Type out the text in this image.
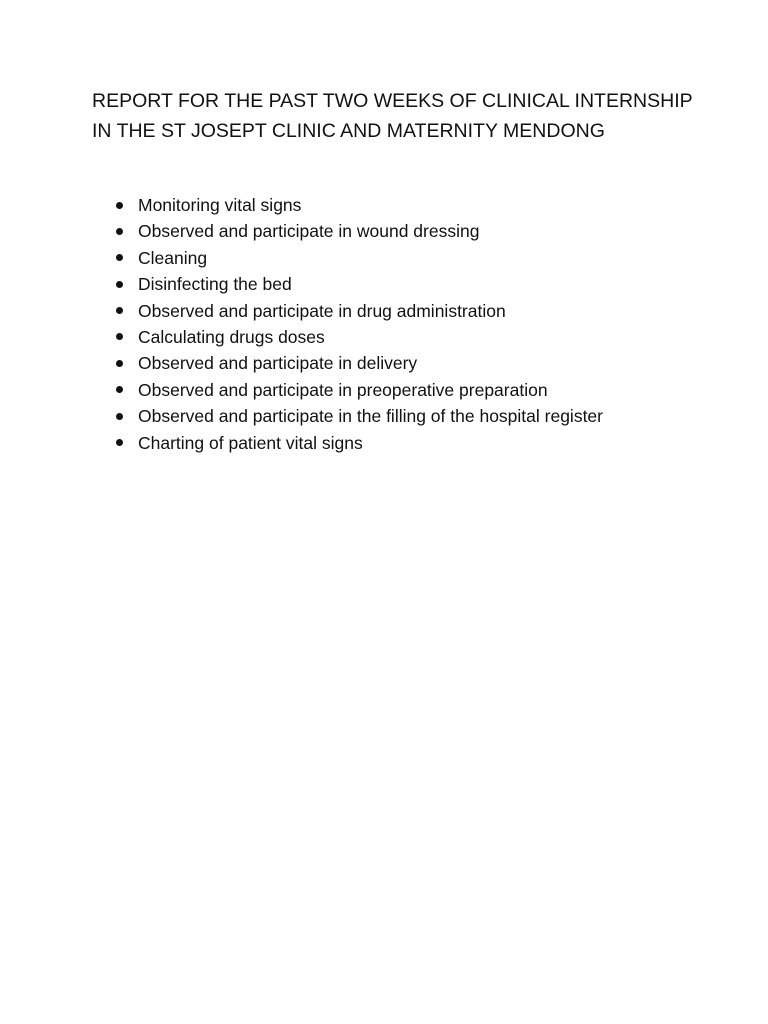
REPORT FOR THE PAST TWO WEEKS OF CLINICAL INTERNSHIP
IN THE ST JOSEPT CLINIC AND MATERNITY MENDONG
Monitoring vital signs
Observed and participate in wound dressing
Cleaning
Disinfecting the bed
Observed and participate in drug administration
Calculating drugs doses
Observed and participate in delivery
Observed and participate in preoperative preparation
Observed and participate in the filling of the hospital register
Charting of patient vital signs
